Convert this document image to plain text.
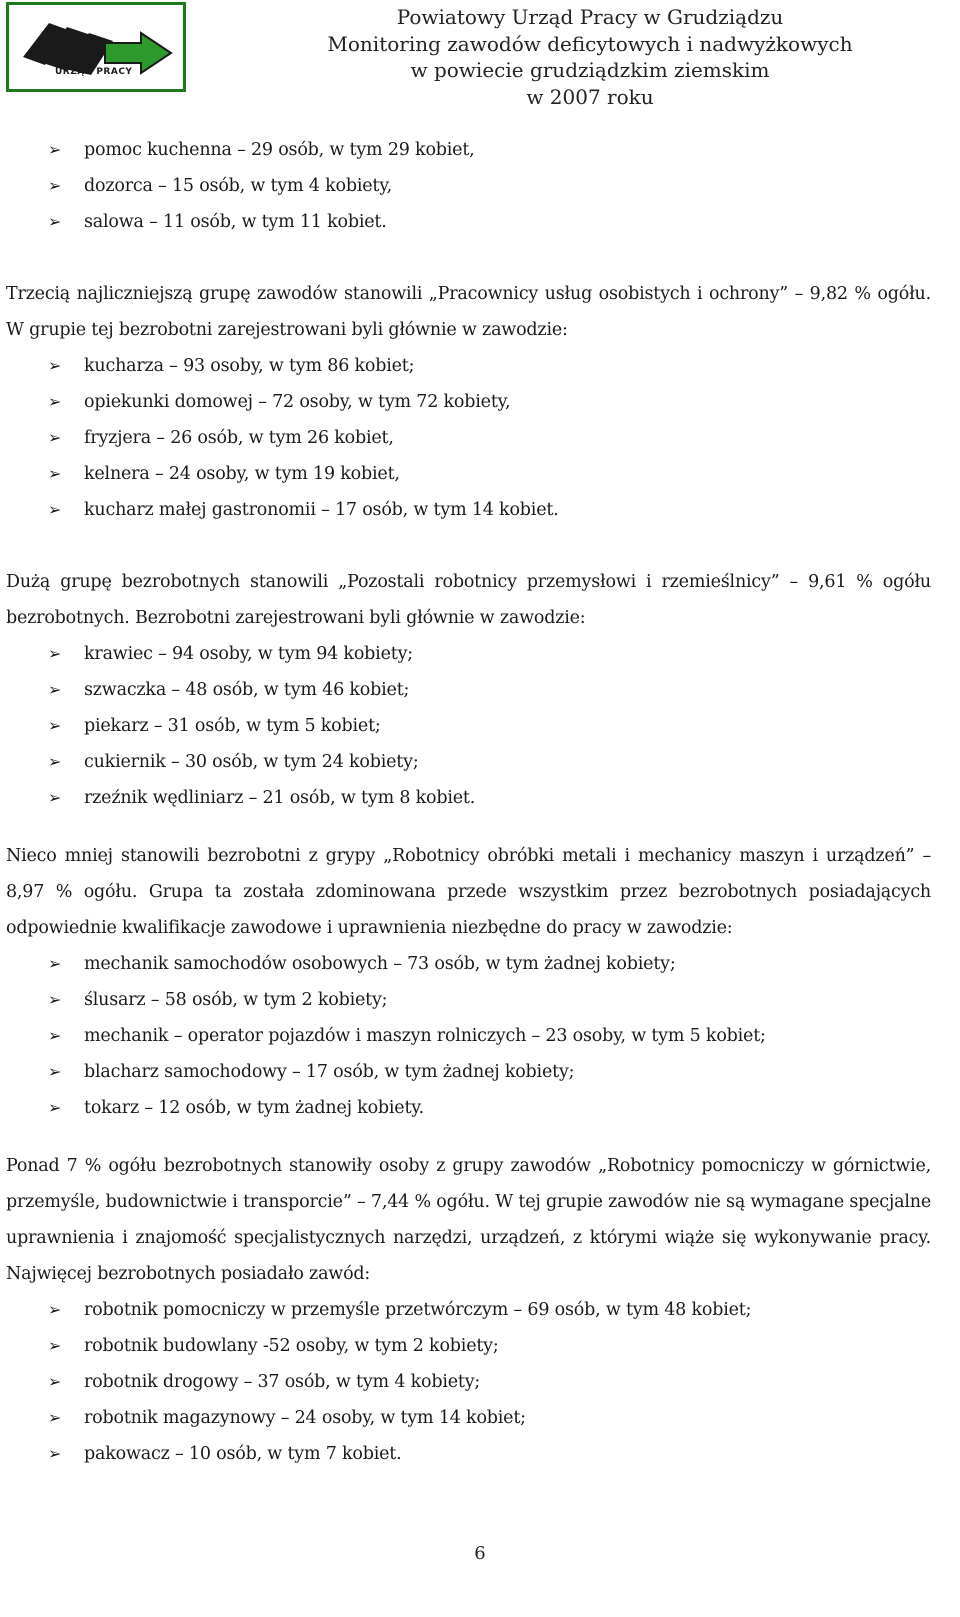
URZĄD PRACY
Powiatowy Urząd Pracy w Grudziądzu
Monitoring zawodów deficytowych i nadwyżkowych
w powiecie grudziądzkim ziemskim
w 2007 roku
➢ pomoc kuchenna – 29 osób, w tym 29 kobiet,
➢ dozorca – 15 osób, w tym 4 kobiety,
➢ salowa – 11 osób, w tym 11 kobiet.

Trzecią najliczniejszą grupę zawodów stanowili „Pracownicy usług osobistych i ochrony” – 9,82 % ogółu. W grupie tej bezrobotni zarejestrowani byli głównie w zawodzie:

➢ kucharza – 93 osoby, w tym 86 kobiet;
➢ opiekunki domowej – 72 osoby, w tym 72 kobiety,
➢ fryzjera – 26 osób, w tym 26 kobiet,
➢ kelnera – 24 osoby, w tym 19 kobiet,
➢ kucharz małej gastronomii – 17 osób, w tym 14 kobiet.

Dużą grupę bezrobotnych stanowili „Pozostali robotnicy przemysłowi i rzemieślnicy” – 9,61 % ogółu bezrobotnych. Bezrobotni zarejestrowani byli głównie w zawodzie:

➢ krawiec – 94 osoby, w tym 94 kobiety;
➢ szwaczka – 48 osób, w tym 46 kobiet;
➢ piekarz – 31 osób, w tym 5 kobiet;
➢ cukiernik – 30 osób, w tym 24 kobiety;
➢ rzeźnik wędliniarz – 21 osób, w tym 8 kobiet.

Nieco mniej stanowili bezrobotni z grypy „Robotnicy obróbki metali i mechanicy maszyn i urządzeń” – 8,97 % ogółu. Grupa ta została zdominowana przede wszystkim przez bezrobotnych posiadających odpowiednie kwalifikacje zawodowe i uprawnienia niezbędne do pracy w zawodzie:

➢ mechanik samochodów osobowych – 73 osób, w tym żadnej kobiety;
➢ ślusarz – 58 osób, w tym 2 kobiety;
➢ mechanik – operator pojazdów i maszyn rolniczych – 23 osoby, w tym 5 kobiet;
➢ blacharz samochodowy – 17 osób, w tym żadnej kobiety;
➢ tokarz – 12 osób, w tym żadnej kobiety.

Ponad 7 % ogółu bezrobotnych stanowiły osoby z grupy zawodów „Robotnicy pomocniczy w górnictwie, przemyśle, budownictwie i transporcie” – 7,44 % ogółu. W tej grupie zawodów nie są wymagane specjalne uprawnienia i znajomość specjalistycznych narzędzi, urządzeń, z którymi wiąże się wykonywanie pracy. Najwięcej bezrobotnych posiadało zawód:

➢ robotnik pomocniczy w przemyśle przetwórczym – 69 osób, w tym 48 kobiet;
➢ robotnik budowlany -52 osoby, w tym 2 kobiety;
➢ robotnik drogowy – 37 osób, w tym 4 kobiety;
➢ robotnik magazynowy – 24 osoby, w tym 14 kobiet;
➢ pakowacz – 10 osób, w tym 7 kobiet.
6
